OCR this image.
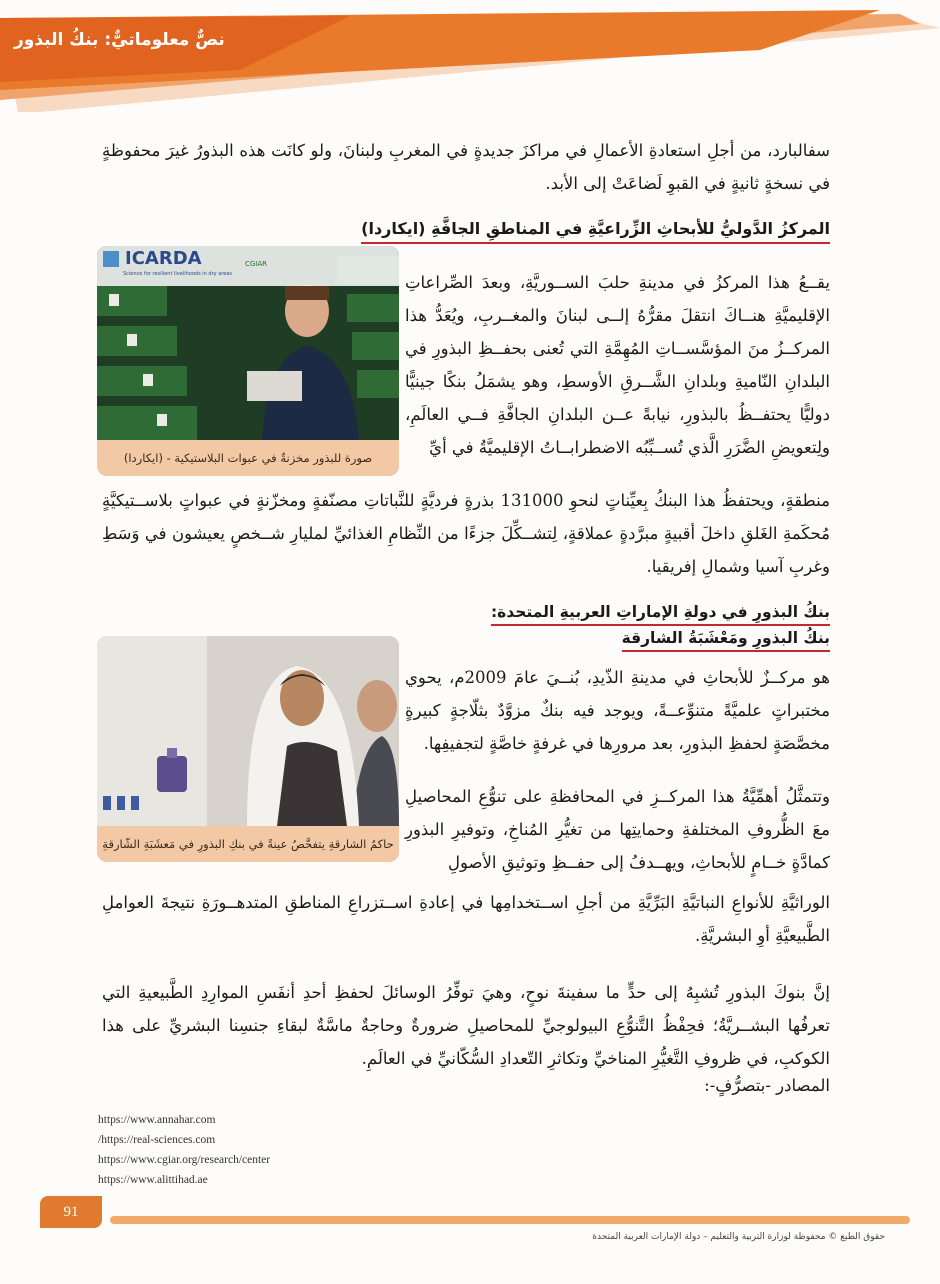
نصٌّ معلوماتيٌّ: بنكُ البذور
سفالبارد، من أجلِ استعادةِ الأعمالِ في مراكزَ جديدةٍ في المغربِ ولبنانَ، ولو كانَت هذه البذورُ غيرَ محفوظةٍ في نسخةٍ ثانيةٍ في القبوِ لَضاعَتْ إلى الأبد.
المركزُ الدَّوليُّ للأبحاثِ الزِّراعيَّةِ في المناطقِ الجافَّةِ (ايكاردا)
ICARDA
Science for resilient livelihoods in dry areas
CGIAR
صورة للبذور مخزنةٌ في عبوات البلاستيكية - (ايكاردا)
يقــعُ هذا المركزُ في مدينةِ حلبَ الســوريَّةِ، وبعدَ الصِّراعاتِ الإقليميَّةِ هنــاكَ انتقلَ مقرُّهُ إلــى لبنانَ والمغــربِ، ويُعَدُّ هذا المركــزُ منَ المؤسَّســاتِ المُهِمَّةِ التي تُعنى بحفــظِ البذورِ في البلدانِ النّاميةِ وبلدانِ الشَّــرقِ الأوسطِ، وهو يشمَلُ بنكًا جينيًّا دوليًّا يحتفــظُ بالبذورِ، نيابةً عــن البلدانِ الجافَّةِ فــي العالَمِ، ولِتعويضِ الضَّرَرِ الَّذي تُســبِّبُه الاضطرابــاتُ الإقليميَّةُ في أيِّ
منطقةٍ، ويحتفظُ هذا البنكُ بِعيِّناتٍ لنحوِ 131000 بذرةٍ فرديَّةٍ للنَّباتاتِ مصنّفةٍ ومخزّنةٍ في عبواتٍ بلاســتيكيَّةٍ مُحكَمةِ الغَلقِ داخلَ أقبيةٍ مبرَّدةٍ عملاقةٍ، لِتشــكِّلَ جزءًا من النِّظامِ الغذائيِّ لمليارِ شــخصٍ يعيشون في وَسَطِ وغربِ آسيا وشمالِ إفريقيا.
بنكُ البذورِ في دولةِ الإماراتِ العربيةِ المتحدة:
بنكُ البذورِ ومَعْشَبَةُ الشارقة
حاكمُ الشارقةِ يتفحَّصُ عينةً في بنكِ البذورِ في مَعشَبَةِ الشّارقةِ
هو مركــزٌ للأبحاثِ في مدينةِ الذّيدِ، بُنــيَ عامَ 2009م، يحوي مختبراتٍ علميَّةً متنوِّعــةً، ويوجد فيه بنكٌ مزوَّدٌ بثلّاجةٍ كبيرةٍ مخصَّصَةٍ لحفظِ البذورِ، بعد مرورِها في غرفةٍ خاصَّةٍ لتجفيفِها.
وتتمثَّلُ أهمِّيَّةُ هذا المركــزِ في المحافظةِ على تنوُّعِ المحاصيلِ معَ الظُّروفِ المختلفةِ وحمايتِها من تغيُّرِ المُناخِ، وتوفيرِ البذورِ كمادَّةٍ خــامٍ للأبحاثِ، ويهــدفُ إلى حفــظِ وتوثيقِ الأصولِ
الوراثيَّةِ للأنواعِ النباتيَّةِ البَرِّيَّةِ من أجلِ اســتخدامِها في إعادةِ اســتزراعِ المناطقِ المتدهــورَةِ نتيجةَ العواملِ الطَّبيعيَّةِ أوِ البشريَّةِ.
إنَّ بنوكَ البذورِ تُشبِهُ إلى حدٍّ ما سفينةَ نوحٍ، وهيَ توفِّرُ الوسائلَ لحفظِ أحدِ أنفَسِ الموارِدِ الطَّبيعيةِ التي تعرفُها البشــريَّةُ؛ فحِفْظُ التَّنوُّعِ البيولوجيِّ للمحاصيلِ ضرورةٌ وحاجةٌ ماسَّةٌ لبقاءِ جنسِنا البشريِّ على هذا الكوكبِ، في ظروفِ التَّغيُّرِ المناخيِّ وتكاثرِ التّعدادِ السُّكّانيِّ في العالَمِ.
المصادر -بتصرُّفٍ-:
https://www.annahar.com
/https://real-sciences.com
https://www.cgiar.org/research/center
https://www.alittihad.ae
91
حقوق الطبع © محفوظة لوزارة التربية والتعليم – دولة الإمارات العربية المتحدة
